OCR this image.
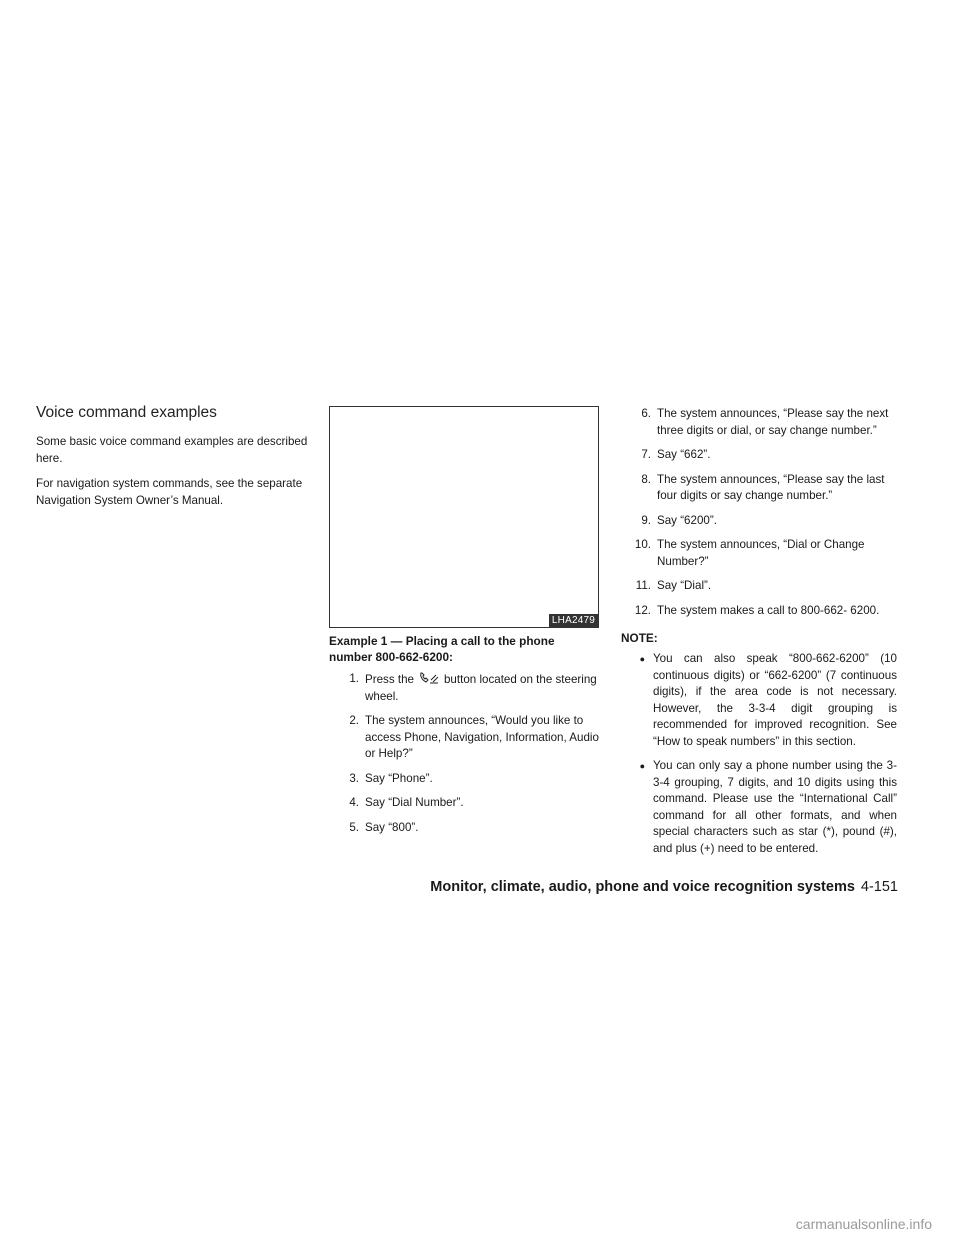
Voice command examples

Some basic voice command examples are described here.

For navigation system commands, see the separate Navigation System Owner’s Manual.

LHA2479
Example 1 — Placing a call to the phone number 800-662-6200:
1. Press the	button located on the steering wheel.
2. The system announces, “Would you like to access Phone, Navigation, Information, Audio or Help?”
3. Say “Phone”.
4. Say “Dial Number”.
5. Say “800”.
6. The system announces, “Please say the next three digits or dial, or say change number.”
7. Say “662”.
8. The system announces, “Please say the last four digits or say change number.”
9. Say “6200”.
10. The system announces, “Dial or Change Number?”
11. Say “Dial”.
12. The system makes a call to 800-662- 6200.
NOTE:
● You can also speak “800-662-6200” (10 continuous digits) or “662-6200” (7 continuous digits), if the area code is not necessary. However, the 3-3-4 digit grouping is recommended for improved recognition. See “How to speak numbers” in this section.
● You can only say a phone number using the 3-3-4 grouping, 7 digits, and 10 digits using this command. Please use the “International Call” command for all other formats, and when special characters such as star (*), pound (#), and plus (+) need to be entered.
Monitor, climate, audio, phone and voice recognition systems 4-151
carmanualsonline.info
